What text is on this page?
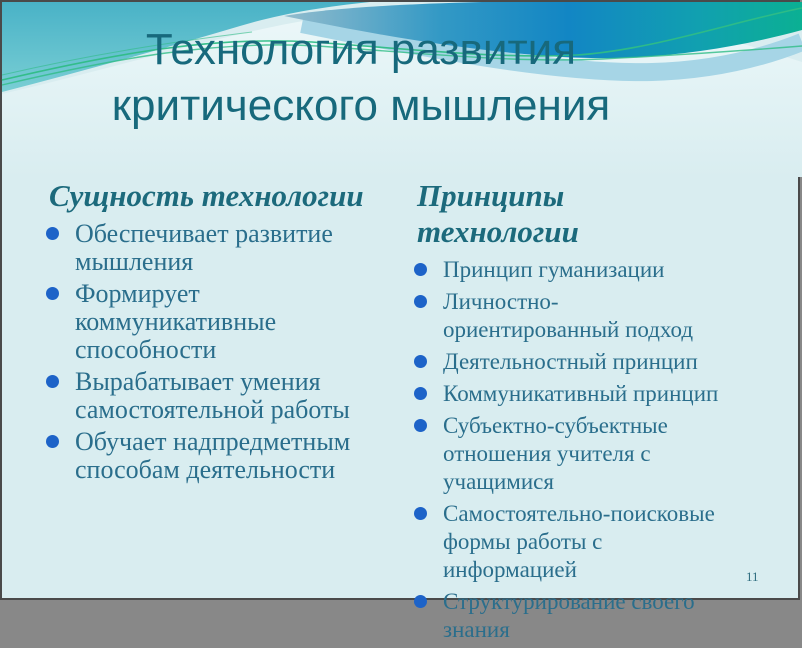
Технология развития
критического мышления
Сущность технологии
Обеспечивает развитие мышления
Формирует коммуникативные способности
Вырабатывает умения самостоятельной работы
Обучает надпредметным способам деятельности
Принципы технологии
Принцип гуманизации
Личностно-ориентированный подход
Деятельностный принцип
Коммуникативный принцип
Субъектно-субъектные отношения учителя с учащимися
Самостоятельно-поисковые формы работы с информацией
Структурирование своего знания
11
